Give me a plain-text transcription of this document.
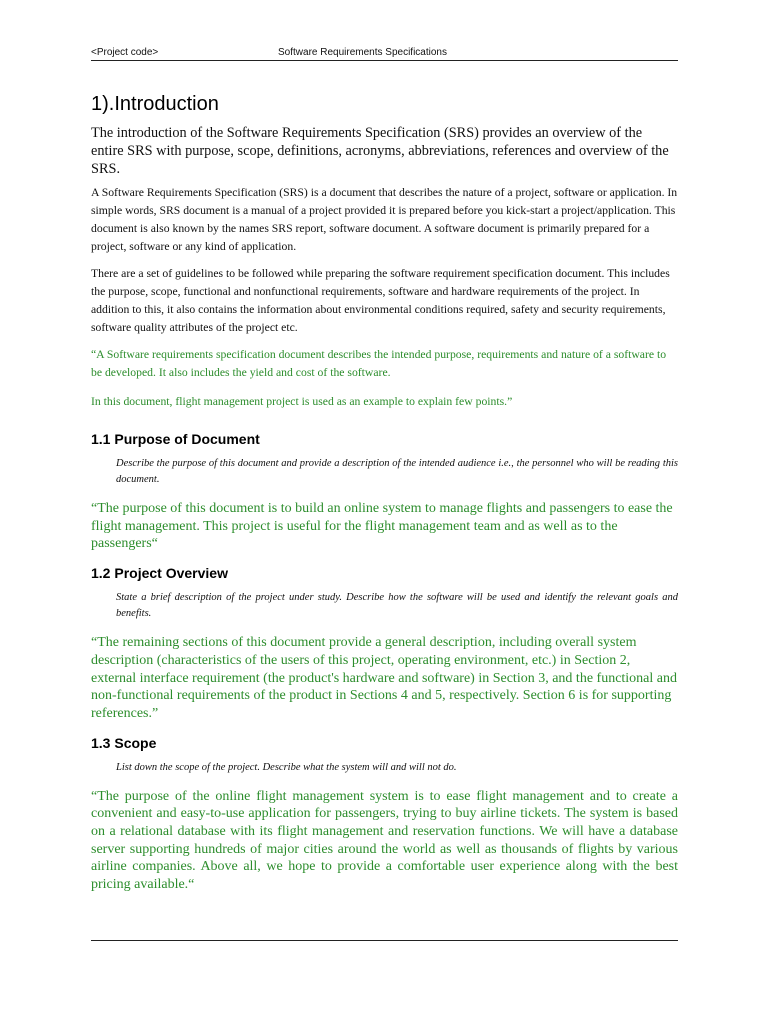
<Project code>	Software Requirements Specifications
1).Introduction

The introduction of the Software Requirements Specification (SRS) provides an overview of the entire SRS with purpose, scope, definitions, acronyms, abbreviations, references and overview of the SRS.

A Software Requirements Specification (SRS) is a document that describes the nature of a project, software or application. In simple words, SRS document is a manual of a project provided it is prepared before you kick-start a project/application. This document is also known by the names SRS report, software document. A software document is primarily prepared for a project, software or any kind of application.

There are a set of guidelines to be followed while preparing the software requirement specification document. This includes the purpose, scope, functional and nonfunctional requirements, software and hardware requirements of the project. In addition to this, it also contains the information about environmental conditions required, safety and security requirements, software quality attributes of the project etc.

“A Software requirements specification document describes the intended purpose, requirements and nature of a software to be developed. It also includes the yield and cost of the software.

In this document, flight management project is used as an example to explain few points.”

1.1 Purpose of Document

Describe the purpose of this document and provide a description of the intended audience i.e., the personnel who will be reading this document.

“The purpose of this document is to build an online system to manage flights and passengers to ease the flight management. This project is useful for the flight management team and as well as to the passengers“

1.2 Project Overview

State a brief description of the project under study. Describe how the software will be used and identify the relevant goals and benefits.

“The remaining sections of this document provide a general description, including overall system description (characteristics of the users of this project, operating environment, etc.) in Section 2, external interface requirement (the product's hardware and software) in Section 3, and the functional and non-functional requirements of the product in Sections 4 and 5, respectively. Section 6 is for supporting references.”

1.3 Scope

List down the scope of the project. Describe what the system will and will not do.

“The purpose of the online flight management system is to ease flight management and to create a convenient and easy-to-use application for passengers, trying to buy airline tickets. The system is based on a relational database with its flight management and reservation functions. We will have a database server supporting hundreds of major cities around the world as well as thousands of flights by various airline companies. Above all, we hope to provide a comfortable user experience along with the best pricing available.“
